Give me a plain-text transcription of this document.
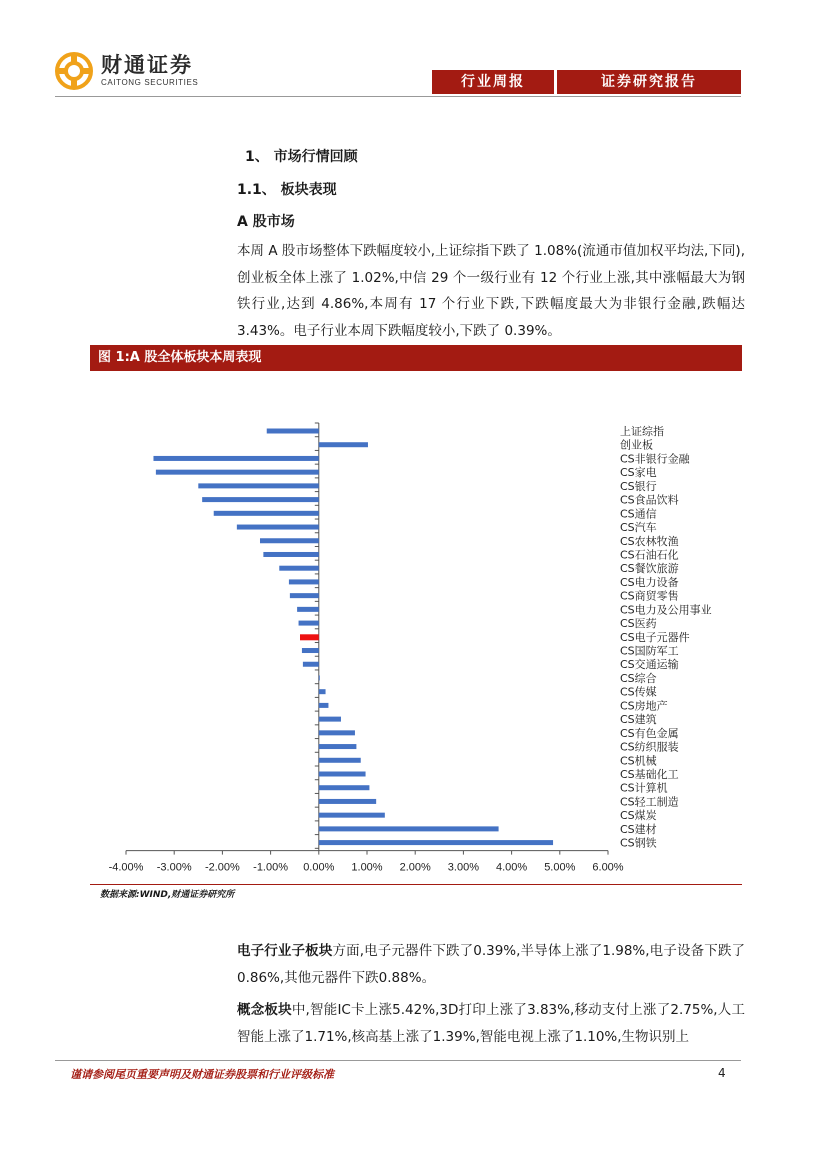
财通证券
CAITONG SECURITIES	行业周报	证券研究报告
1、 市场行情回顾
1.1、 板块表现
A 股市场
本周 A 股市场整体下跌幅度较小,上证综指下跌了 1.08%(流通市值加权平均法,下同),创业板全体上涨了 1.02%,中信 29 个一级行业有 12 个行业上涨,其中涨幅最大为钢铁行业,达到 4.86%,本周有 17 个行业下跌,下跌幅度最大为非银行金融,跌幅达 3.43%。电子行业本周下跌幅度较小,下跌了 0.39%。
图 1:A 股全体板块本周表现
上证综指
创业板
CS非银行金融
CS家电
CS银行
CS食品饮料
CS通信
CS汽车
CS农林牧渔
CS石油石化
CS餐饮旅游
CS电力设备
CS商贸零售
CS电力及公用事业
CS医药
CS电子元器件
CS国防军工
CS交通运输
CS综合
CS传媒
CS房地产
CS建筑
CS有色金属
CS纺织服装
CS机械
CS基础化工
CS计算机
CS轻工制造
CS煤炭
CS建材
CS钢铁
-4.00% -3.00% -2.00% -1.00% 0.00% 1.00% 2.00% 3.00% 4.00% 5.00% 6.00%
数据来源:WIND,财通证券研究所
电子行业子板块方面,电子元器件下跌了0.39%,半导体上涨了1.98%,电子设备下跌了0.86%,其他元器件下跌0.88%。
概念板块中,智能IC卡上涨5.42%,3D打印上涨了3.83%,移动支付上涨了2.75%,人工智能上涨了1.71%,核高基上涨了1.39%,智能电视上涨了1.10%,生物识别上
谨请参阅尾页重要声明及财通证券股票和行业评级标准	4
